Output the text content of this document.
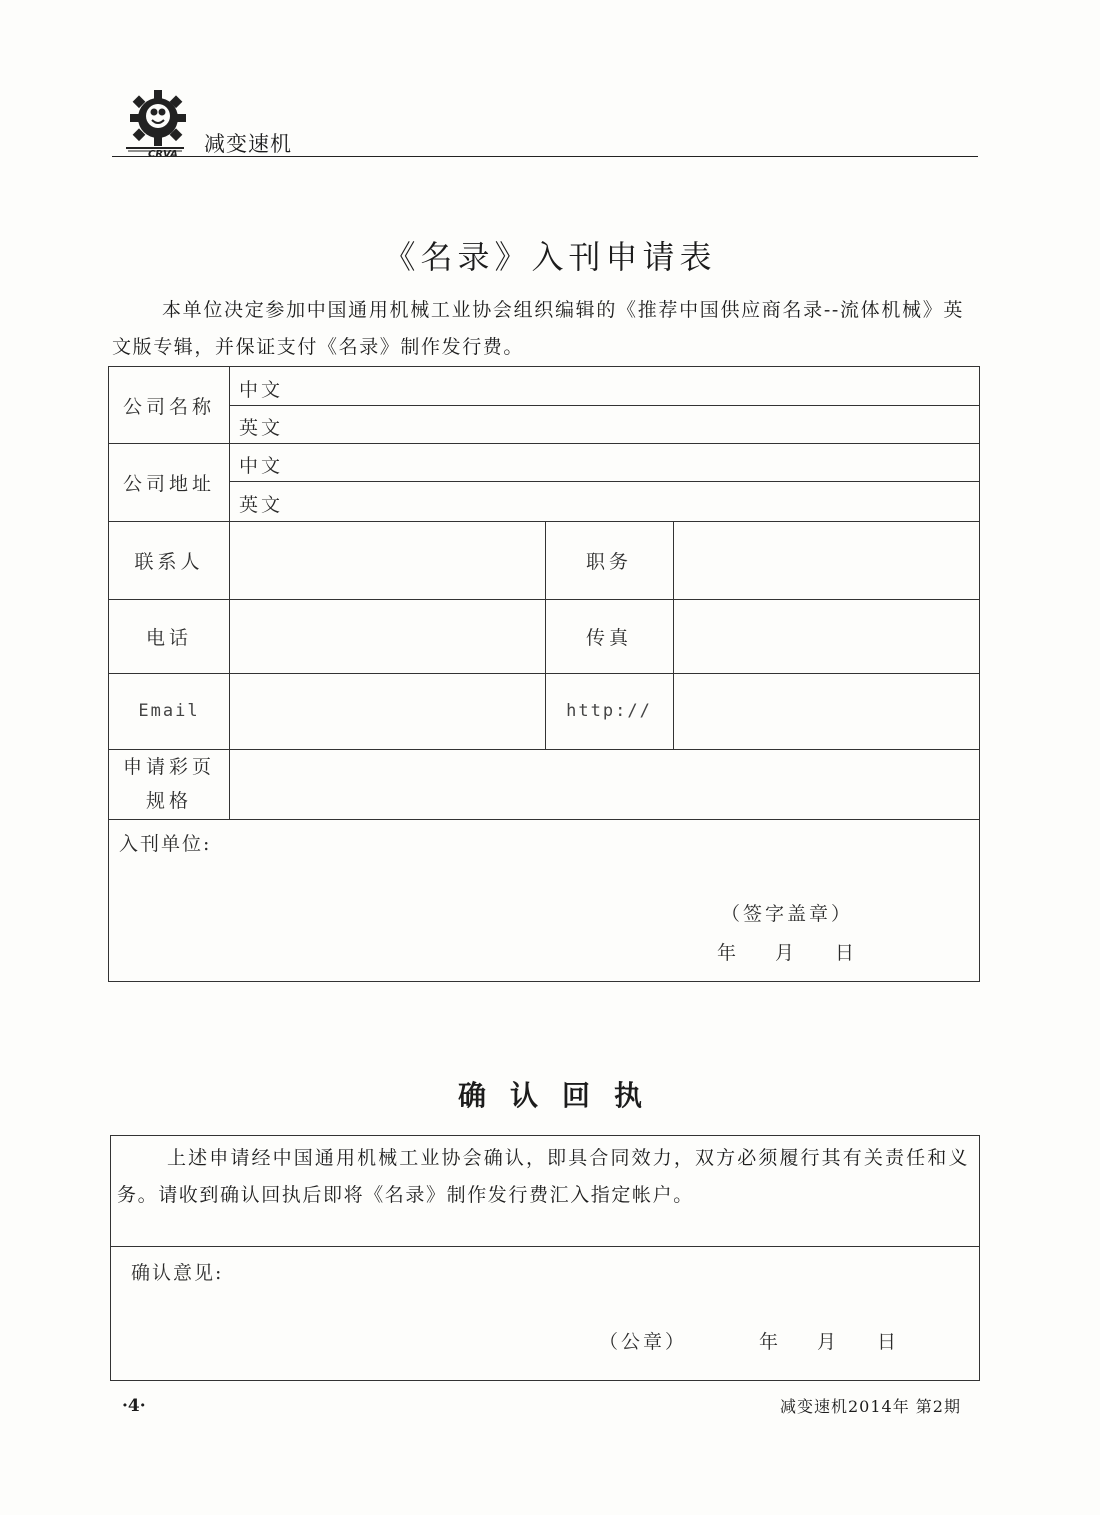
CRVA 减变速机
《名录》入刊申请表
本单位决定参加中国通用机械工业协会组织编辑的《推荐中国供应商名录--流体机械》英文版专辑，并保证支付《名录》制作发行费。
公司名称
中文
英文
公司地址
中文
英文
联系人	职务
电话	传真
Email	http://
申请彩页
规格
入刊单位:
（签字盖章）
年 月 日
确认回执
上述申请经中国通用机械工业协会确认，即具合同效力，双方必须履行其有关责任和义务。请收到确认回执后即将《名录》制作发行费汇入指定帐户。
确认意见:
（公章）	年 月 日
·4·	减变速机2014年 第2期
